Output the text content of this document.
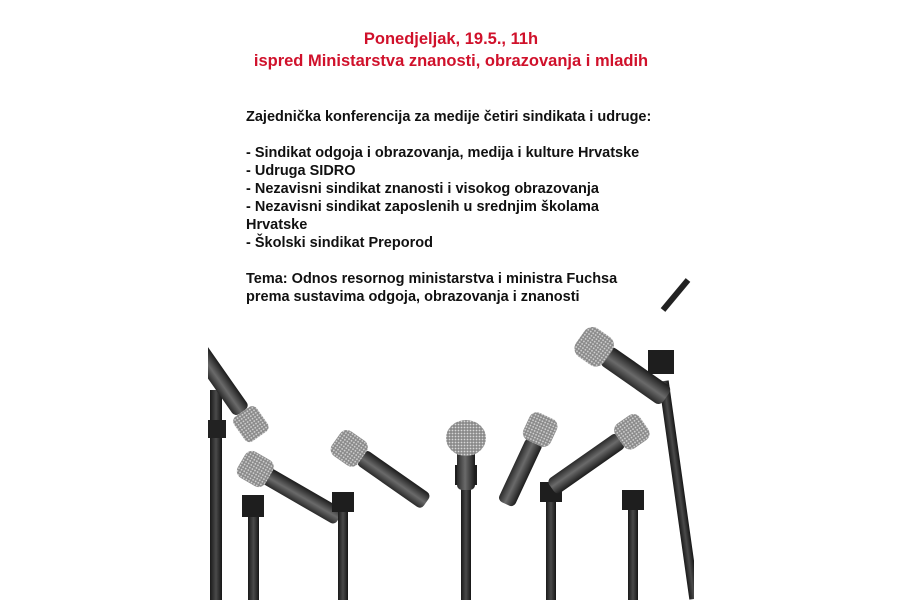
Ponedjeljak, 19.5., 11h
ispred Ministarstva znanosti, obrazovanja i mladih
Zajednička konferencija za medije četiri sindikata i udruge:
- Sindikat odgoja i obrazovanja, medija i kulture Hrvatske
- Udruga SIDRO
- Nezavisni sindikat znanosti i visokog obrazovanja
- Nezavisni sindikat zaposlenih u srednjim školama
Hrvatske
- Školski sindikat Preporod
Tema: Odnos resornog ministarstva i ministra Fuchsa
prema sustavima odgoja, obrazovanja i znanosti
